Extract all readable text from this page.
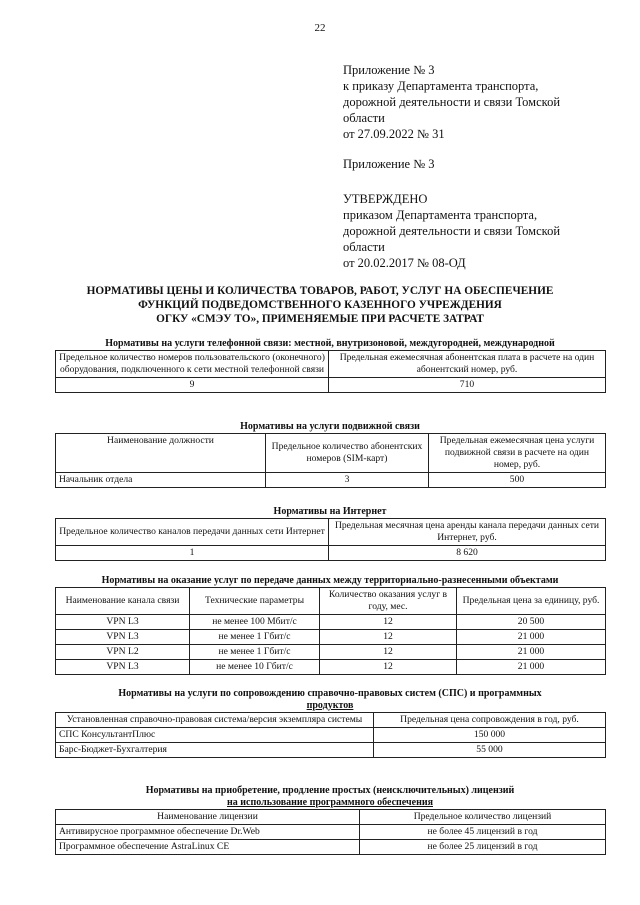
22
Приложение № 3
к приказу Департамента транспорта,
дорожной деятельности и связи Томской
области
от 27.09.2022 № 31
Приложение № 3
УТВЕРЖДЕНО
приказом Департамента транспорта,
дорожной деятельности и связи Томской
области
от 20.02.2017 № 08-ОД
НОРМАТИВЫ ЦЕНЫ И КОЛИЧЕСТВА ТОВАРОВ, РАБОТ, УСЛУГ НА ОБЕСПЕЧЕНИЕ
ФУНКЦИЙ ПОДВЕДОМСТВЕННОГО КАЗЕННОГО УЧРЕЖДЕНИЯ
ОГКУ «СМЭУ ТО», ПРИМЕНЯЕМЫЕ ПРИ РАСЧЕТЕ ЗАТРАТ
Нормативы на услуги телефонной связи: местной, внутризоновой, междугородней, международной
Предельное количество номеров пользовательского (оконечного) оборудования, подключенного к сети местной телефонной связи	Предельная ежемесячная абонентская плата в расчете на один абонентский номер, руб.
9	710
Нормативы на услуги подвижной связи
Наименование должности	Предельное количество абонентских номеров (SIM-карт)	Предельная ежемесячная цена услуги подвижной связи в расчете на один номер, руб.
Начальник отдела	3	500
Нормативы на Интернет
Предельное количество каналов передачи данных сети Интернет	Предельная месячная цена аренды канала передачи данных сети Интернет, руб.
1	8 620
Нормативы на оказание услуг по передаче данных между территориально-разнесенными объектами
Наименование канала связи	Технические параметры	Количество оказания услуг в году, мес.	Предельная цена за единицу, руб.
VPN L3	не менее 100 Мбит/с	12	20 500
VPN L3	не менее 1 Гбит/с	12	21 000
VPN L2	не менее 1 Гбит/с	12	21 000
VPN L3	не менее 10 Гбит/с	12	21 000
Нормативы на услуги по сопровождению справочно-правовых систем (СПС) и программных
продуктов
Установленная справочно-правовая система/версия экземпляра системы	Предельная цена сопровождения в год, руб.
СПС КонсультантПлюс	150 000
Барс-Бюджет-Бухгалтерия	55 000
Нормативы на приобретение, продление простых (неисключительных) лицензий
на использование программного обеспечения
Наименование лицензии	Предельное количество лицензий
Антивирусное программное обеспечение Dr.Web	не более 45 лицензий в год
Программное обеспечение AstraLinux CE	не более 25 лицензий в год
